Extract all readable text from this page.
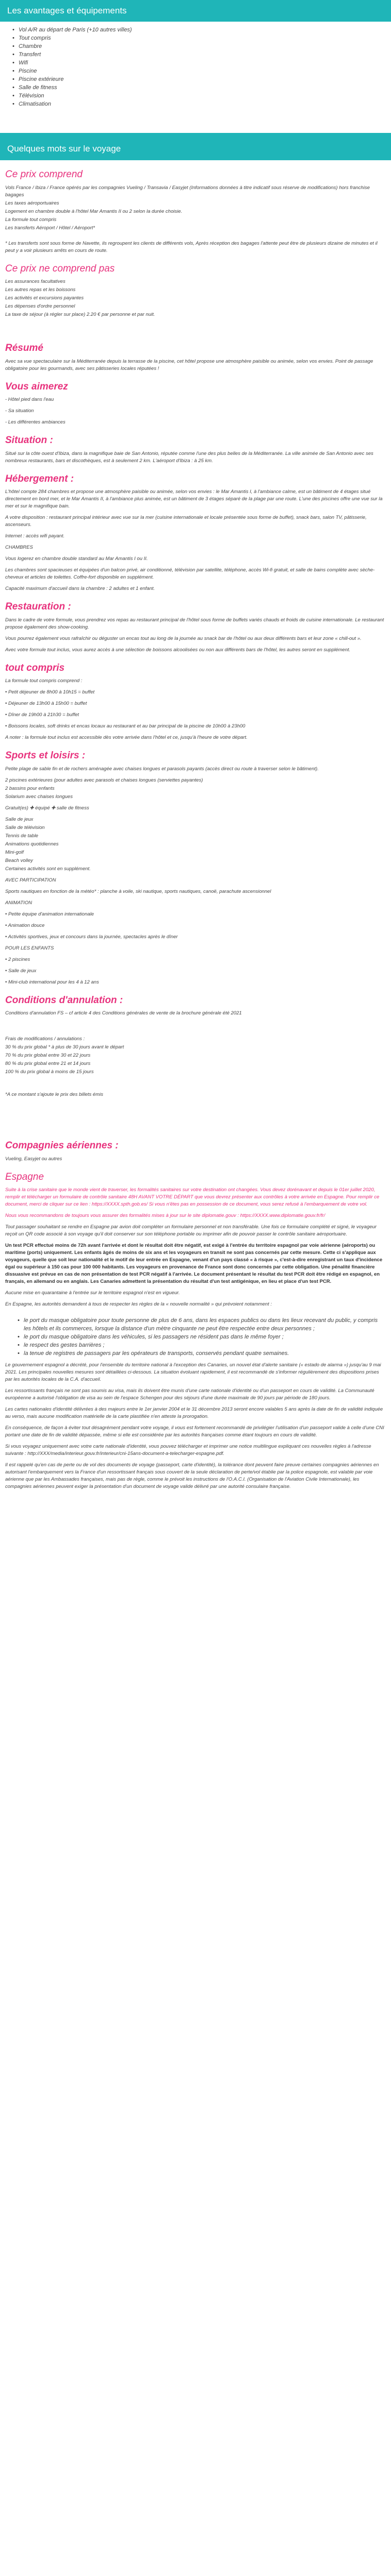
Les avantages et équipements
• Vol A/R au départ de Paris (+10 autres villes)
• Tout compris
• Chambre
• Transfert
• Wifi
• Piscine
• Piscine extérieure
• Salle de fitness
• Télévision
• Climatisation
Quelques mots sur le voyage
Ce prix comprend

Vols France / Ibiza / France opérés par les compagnies Vueling / Transavia / Easyjet (Informations données à titre indicatif sous réserve de modifications) hors franchise bagages

Les taxes aéroportuaires

Logement en chambre double à l'hôtel Mar Amantis II ou 2 selon la durée choisie.

La formule tout compris

Les transferts Aéroport / Hôtel / Aéroport*

* Les transferts sont sous forme de Navette, ils regroupent les clients de différents vols, Après réception des bagages l'attente peut être de plusieurs dizaine de minutes et il peut y a voir plusieurs arrêts en cours de route.

Ce prix ne comprend pas

Les assurances facultatives

Les autres repas et les boissons

Les activités et excursions payantes

Les dépenses d'ordre personnel

La taxe de séjour (à régler sur place) 2.20 € par personne et par nuit.

Résumé

Avec sa vue spectaculaire sur la Méditerranée depuis la terrasse de la piscine, cet hôtel propose une atmosphère paisible ou animée, selon vos envies. Point de passage obligatoire pour les gourmands, avec ses pâtisseries locales réputées !

Vous aimerez

- Hôtel pied dans l'eau

- Sa situation

- Les différentes ambiances

Situation :

Situé sur la côte ouest d'Ibiza, dans la magnifique baie de San Antonio, réputée comme l'une des plus belles de la Méditerranée. La ville animée de San Antonio avec ses nombreux restaurants, bars et discothèques, est à seulement 2 km. L'aéroport d'Ibiza : à 25 km.

Hébergement :

L'hôtel compte 284 chambres et propose une atmosphère paisible ou animée, selon vos envies : le Mar Amantis I, à l'ambiance calme, est un bâtiment de 4 étages situé directement en bord mer, et le Mar Amantis II, à l'ambiance plus animée, est un bâtiment de 3 étages séparé de la plage par une route. L'une des piscines offre une vue sur la mer et sur le magnifique bain.

A votre disposition : restaurant principal intérieur avec vue sur la mer (cuisine internationale et locale présentée sous forme de buffet), snack bars, salon TV, pâtisserie, ascenseurs.

Internet : accès wifi payant.

CHAMBRES

Vous logerez en chambre double standard au Mar Amantis I ou II.

Les chambres sont spacieuses et équipées d'un balcon privé, air conditionné, télévision par satellite, téléphone, accès Wi-fi gratuit, et salle de bains complète avec sèche-cheveux et articles de toilettes. Coffre-fort disponible en supplément.

Capacité maximum d'accueil dans la chambre : 2 adultes et 1 enfant.

Restauration :

Dans le cadre de votre formule, vous prendrez vos repas au restaurant principal de l'hôtel sous forme de buffets variés chauds et froids de cuisine internationale. Le restaurant propose également des show-cooking.

Vous pourrez également vous rafraîchir ou déguster un encas tout au long de la journée au snack bar de l'hôtel ou aux deux différents bars et leur zone « chill-out ».

Avec votre formule tout inclus, vous aurez accès à une sélection de boissons alcoolisées ou non aux différents bars de l'hôtel, les autres seront en supplément.

tout compris

La formule tout compris comprend :

• Petit déjeuner de 8h00 à 10h15 = buffet

• Déjeuner de 13h00 à 15h00 = buffet

• Dîner de 19h00 à 21h30 = buffet

• Boissons locales, soft drinks et encas locaux au restaurant et au bar principal de la piscine de 10h00 à 23h00

A noter : la formule tout inclus est accessible dès votre arrivée dans l'hôtel et ce, jusqu'à l'heure de votre départ.

Sports et loisirs :

Petite plage de sable fin et de rochers aménagée avec chaises longues et parasols payants (accès direct ou route à traverser selon le bâtiment).

2 piscines extérieures (pour adultes avec parasols et chaises longues (serviettes payantes)

2 bassins pour enfants

Solarium avec chaises longues

Gratuit(es) ✚ équipé ✚ salle de fitness

Salle de jeux

Salle de télévision

Tennis de table

Animations quotidiennes

Mini-golf

Beach volley

Certaines activités sont en supplément.

AVEC PARTICIPATION

Sports nautiques en fonction de la météo* : planche à voile, ski nautique, sports nautiques, canoë, parachute ascensionnel

ANIMATION

• Petite équipe d'animation internationale

• Animation douce

• Activités sportives, jeux et concours dans la journée, spectacles après le dîner

POUR LES ENFANTS

• 2 piscines

• Salle de jeux

• Mini-club international pour les 4 à 12 ans

Conditions d'annulation :

Conditions d'annulation FS – cf article 4 des Conditions générales de vente de la brochure générale été 2021

Frais de modifications / annulations :

30 % du prix global * à plus de 30 jours avant le départ

70 % du prix global entre 30 et 22 jours

80 % du prix global entre 21 et 14 jours

100 % du prix global à moins de 15 jours

*A ce montant s'ajoute le prix des billets émis

Compagnies aériennes :

Vueling, Easyjet ou autres

Espagne

Suite à la crise sanitaire que le monde vient de traverser, les formalités sanitaires sur votre destination ont changées. Vous devez dorénavant et depuis le 01er juillet 2020, remplir et télécharger un formulaire de contrôle sanitaire 48H AVANT VOTRE DÉPART que vous devrez présenter aux contrôles à votre arrivée en Espagne. Pour remplir ce document, merci de cliquer sur ce lien : https://XXXX.spth.gob.es/ Si vous n'êtes pas en possession de ce document, vous serez refusé à l'embarquement de votre vol.

Nous vous recommandons de toujours vous assurer des formalités mises à jour sur le site diplomatie.gouv : https://XXXX.www.diplomatie.gouv.fr/fr/

Tout passager souhaitant se rendre en Espagne par avion doit compléter un formulaire personnel et non transférable. Une fois ce formulaire complété et signé, le voyageur reçoit un QR code associé à son voyage qu'il doit conserver sur son téléphone portable ou imprimer afin de pouvoir passer le contrôle sanitaire aéroportuaire.

Un test PCR effectué moins de 72h avant l'arrivée et dont le résultat doit être négatif, est exigé à l'entrée du territoire espagnol par voie aérienne (aéroports) ou maritime (ports) uniquement. Les enfants âgés de moins de six ans et les voyageurs en transit ne sont pas concernés par cette mesure. Cette ci s'applique aux voyageurs, quelle que soit leur nationalité et le motif de leur entrée en Espagne, venant d'un pays classé « à risque », c'est-à-dire enregistrant un taux d'incidence égal ou supérieur à 150 cas pour 100 000 habitants. Les voyageurs en provenance de France sont donc concernés par cette obligation. Une pénalité financière dissuasive est prévue en cas de non présentation de test PCR négatif à l'arrivée. Le document présentant le résultat du test PCR doit être rédigé en espagnol, en français, en allemand ou en anglais. Les Canaries admettent la présentation du résultat d'un test antigénique, en lieu et place d'un test PCR.

Aucune mise en quarantaine à l'entrée sur le territoire espagnol n'est en vigueur.

En Espagne, les autorités demandent à tous de respecter les règles de la « nouvelle normalité » qui prévoient notamment :

• le port du masque obligatoire pour toute personne de plus de 6 ans, dans les espaces publics ou dans les lieux recevant du public, y compris les hôtels et ils commerces, lorsque la distance d'un mètre cinquante ne peut être respectée entre deux personnes ;
• le port du masque obligatoire dans les véhicules, si les passagers ne résident pas dans le même foyer ;
• le respect des gestes barrières ;
• la tenue de registres de passagers par les opérateurs de transports, conservés pendant quatre semaines.

Le gouvernement espagnol a décrété, pour l'ensemble du territoire national à l'exception des Canaries, un nouvel état d'alerte sanitaire (« estado de alarma ») jusqu'au 9 mai 2021. Les principales nouvelles mesures sont détaillées ci-dessous. La situation évoluant rapidement, il est recommandé de s'informer régulièrement des dispositions prises par les autorités locales de la C.A. d'accueil.

Les ressortissants français ne sont pas soumis au visa, mais ils doivent être munis d'une carte nationale d'identité ou d'un passeport en cours de validité. La Communauté européenne a autorisé l'obligation de visa au sein de l'espace Schengen pour des séjours d'une durée maximale de 90 jours par période de 180 jours.

Les cartes nationales d'identité délivrées à des majeurs entre le 1er janvier 2004 et le 31 décembre 2013 seront encore valables 5 ans après la date de fin de validité indiquée au verso, mais aucune modification matérielle de la carte plastifiée n'en atteste la prorogation.

En conséquence, de façon à éviter tout désagrément pendant votre voyage, il vous est fortement recommandé de privilégier l'utilisation d'un passeport valide à celle d'une CNI portant une date de fin de validité dépassée, même si elle est considérée par les autorités françaises comme étant toujours en cours de validité.

Si vous voyagez uniquement avec votre carte nationale d'identité, vous pouvez télécharger et imprimer une notice multilingue expliquant ces nouvelles règles à l'adresse suivante : http://XXX/media/interieur.gouv.fr/interieur/cni-15ans-document-a-telecharger-espagne.pdf.

Il est rappelé qu'en cas de perte ou de vol des documents de voyage (passeport, carte d'identité), la tolérance dont peuvent faire preuve certaines compagnies aériennes en autorisant l'embarquement vers la France d'un ressortissant français sous couvert de la seule déclaration de perte/vol établie par la police espagnole, est valable par voie aérienne que par les Ambassades françaises, mais pas de règle, comme le prévoit les instructions de l'O.A.C.I. (Organisation de l'Aviation Civile Internationale), les compagnies aériennes peuvent exiger la présentation d'un document de voyage valide délivré par une autorité consulaire française.
